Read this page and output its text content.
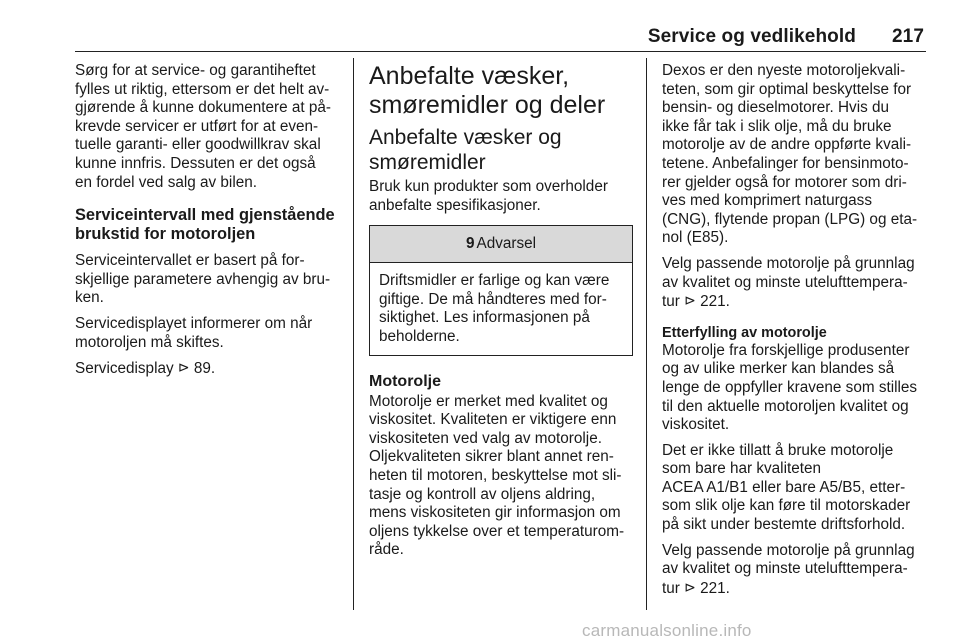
Service og vedlikehold 217

Sørg for at service- og garantiheftet
fylles ut riktig, ettersom er det helt av-
gjørende å kunne dokumentere at på-
krevde servicer er utført for at even-
tuelle garanti- eller goodwillkrav skal
kunne innfris. Dessuten er det også
en fordel ved salg av bilen.

Serviceintervall med gjenstående
brukstid for motoroljen

Serviceintervallet er basert på for-
skjellige parametere avhengig av bru-
ken.

Servicedisplayet informerer om når
motoroljen må skiftes.

Servicedisplay ⊳ 89.

Anbefalte væsker,
smøremidler og deler
Anbefalte væsker og
smøremidler

Bruk kun produkter som overholder
anbefalte spesifikasjoner.

9 Advarsel
Driftsmidler er farlige og kan være
giftige. De må håndteres med for-
siktighet. Les informasjonen på
beholderne.
Motorolje

Motorolje er merket med kvalitet og
viskositet. Kvaliteten er viktigere enn
viskositeten ved valg av motorolje.
Oljekvaliteten sikrer blant annet ren-
heten til motoren, beskyttelse mot sli-
tasje og kontroll av oljens aldring,
mens viskositeten gir informasjon om
oljens tykkelse over et temperaturom-
råde.

Dexos er den nyeste motoroljekvali-
teten, som gir optimal beskyttelse for
bensin- og dieselmotorer. Hvis du
ikke får tak i slik olje, må du bruke
motorolje av de andre oppførte kvali-
tetene. Anbefalinger for bensinmoto-
rer gjelder også for motorer som dri-
ves med komprimert naturgass
(CNG), flytende propan (LPG) og eta-
nol (E85).

Velg passende motorolje på grunnlag
av kvalitet og minste utelufttempera-
tur ⊳ 221.

Etterfylling av motorolje

Motorolje fra forskjellige produsenter
og av ulike merker kan blandes så
lenge de oppfyller kravene som stilles
til den aktuelle motoroljen kvalitet og
viskositet.

Det er ikke tillatt å bruke motorolje
som bare har kvaliteten
ACEA A1/B1 eller bare A5/B5, etter-
som slik olje kan føre til motorskader
på sikt under bestemte driftsforhold.

Velg passende motorolje på grunnlag
av kvalitet og minste utelufttempera-
tur ⊳ 221.

carmanualsonline.info
